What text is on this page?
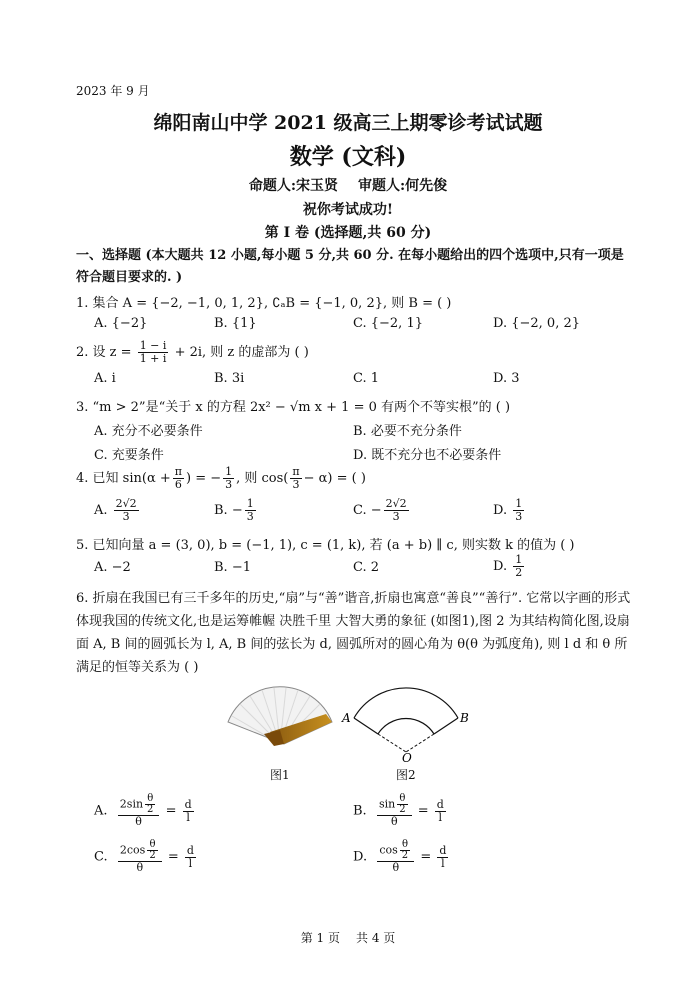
2023 年 9 月
绵阳南山中学 2021 级高三上期零诊考试试题
数学 (文科)
命题人:宋玉贤 审题人:何先俊
祝你考试成功!
第 Ⅰ 卷 (选择题,共 60 分)
一、选择题 (本大题共 12 小题,每小题 5 分,共 60 分. 在每小题给出的四个选项中,只有一项是符合题目要求的. )
1. 集合 A = {−2, −1, 0, 1, 2}, ∁ₐB = {−1, 0, 2}, 则 B = ( )
A. {−2}	B. {1}	C. {−2, 1}	D. {−2, 0, 2}
2. 设 $z = \frac{1 - i}{1 + i} + 2i$, 则 z 的虚部为 ( )
A. i	B. 3i	C. 1	D. 3
3. “m > 2”是“关于 x 的方程 2x² − √m x + 1 = 0 有两个不等实根”的 ( )
A. 充分不必要条件	B. 必要不充分条件
C. 充要条件	D. 既不充分也不必要条件
4. 已知 $\sin(\alpha + \frac{\pi}{6}$ ) = − $\frac{1}{3}$ , 则 $\cos( \frac{\pi}{3} - \alpha)$ = ( )
A. $\frac{2√2}{3}$	B. − $\frac{1}{3}$	C. − $\frac{2√2}{3}$	D. $\frac{1}{3}$
5. 已知向量 a = (3, 0), b = (−1, 1), c = (1, k), 若 (a + b) ∥ c, 则实数 k 的值为 ( )
A. −2	B. −1	C. 2	D. $\frac{1}{2}$
6. 折扇在我国已有三千多年的历史,“扇”与“善”谐音,折扇也寓意“善良”“善行”. 它常以字画的形式体现我国的传统文化,也是运筹帷幄 决胜千里 大智大勇的象征 (如图1),图 2 为其结构简化图,设扇面 A, B 间的圆弧长为 l, A, B 间的弦长为 d, 圆弧所对的圆心角为 θ(θ 为弧度角), 则 l d 和 θ 所满足的恒等关系为 ( )
A	B
O
图1	图2
A. $\frac{2\sin \frac{\theta}{2}}{\theta} = \frac{d}{l}$	B. $\frac{\sin \frac{\theta}{2}}{\theta} = \frac{d}{l}$
C. $\frac{2\cos \frac{\theta}{2}}{\theta} = \frac{d}{l}$	D. $\frac{\cos \frac{\theta}{2}}{\theta} = \frac{d}{l}$
第 1 页 共 4 页
